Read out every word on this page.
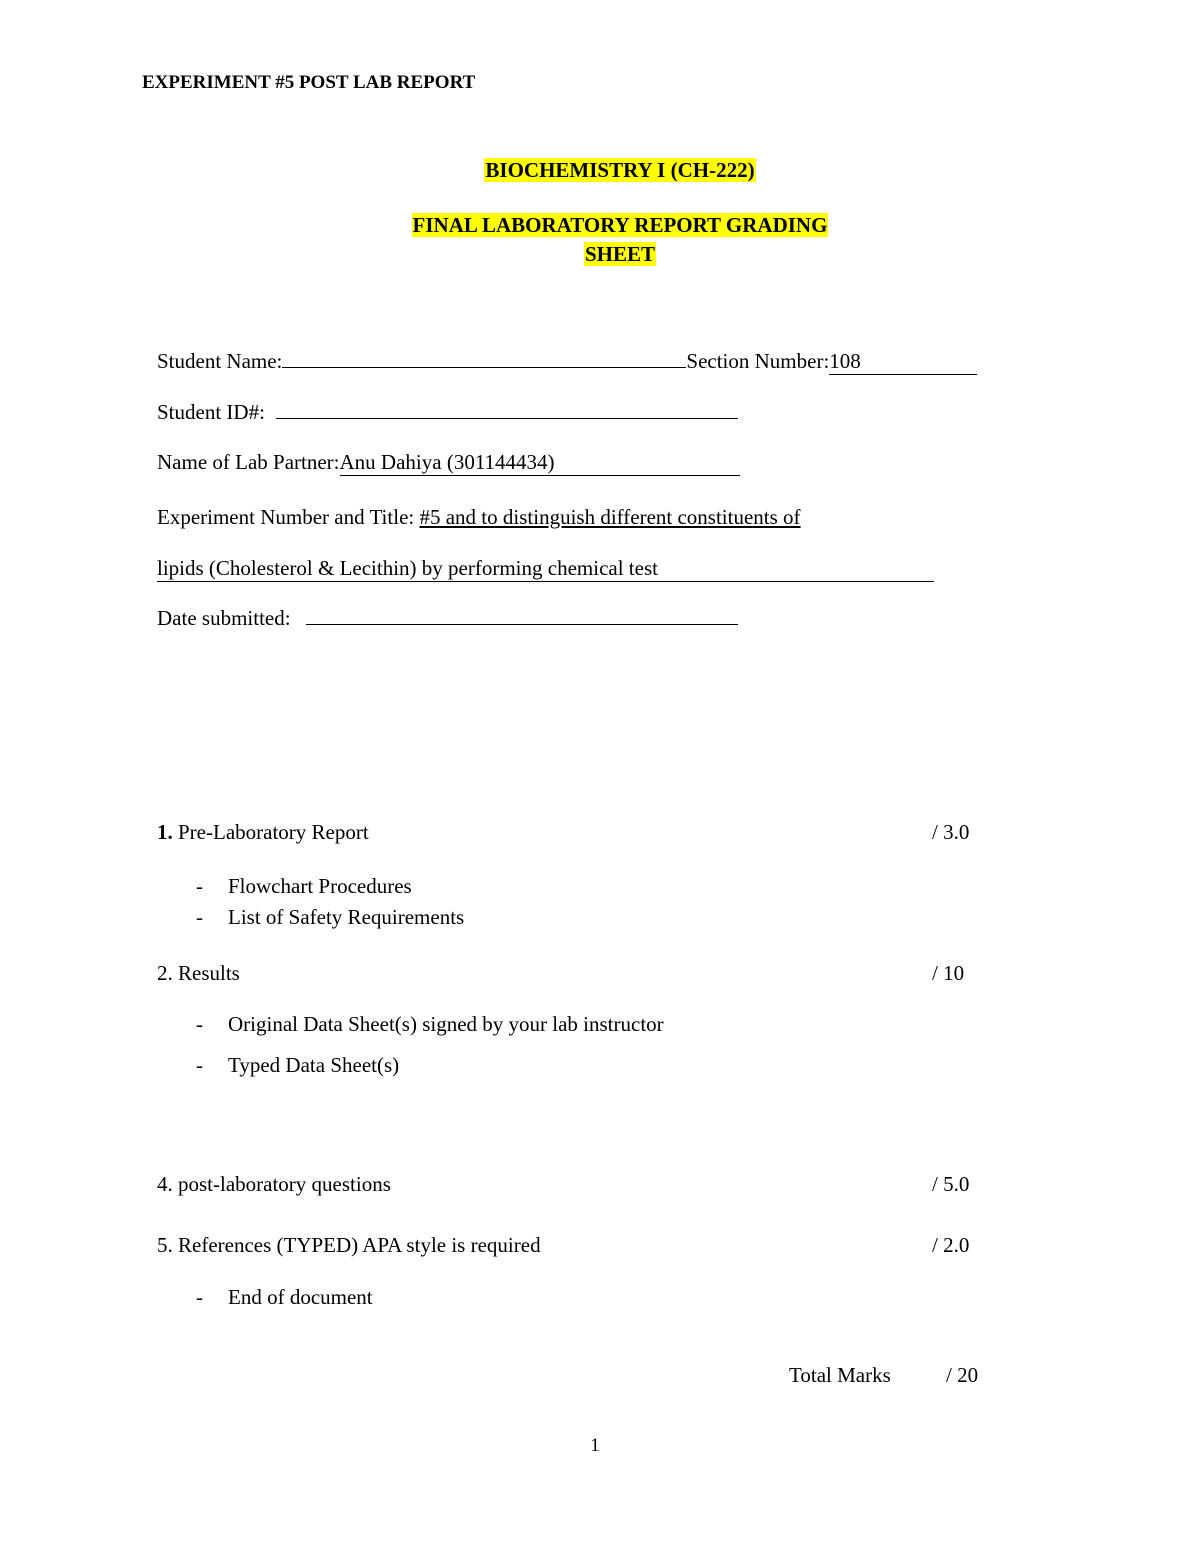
EXPERIMENT #5 POST LAB REPORT
BIOCHEMISTRY I (CH-222)
FINAL LABORATORY REPORT GRADING
SHEET
Student Name:	Section Number:108
Student ID#:
Name of Lab Partner:Anu Dahiya (301144434)
Experiment Number and Title: #5 and to distinguish different constituents of
lipids (Cholesterol & Lecithin) by performing chemical test
Date submitted:
1. Pre-Laboratory Report	/ 3.0
- Flowchart Procedures
- List of Safety Requirements
2. Results	/ 10
- Original Data Sheet(s) signed by your lab instructor
- Typed Data Sheet(s)
4. post-laboratory questions	/ 5.0
5. References (TYPED) APA style is required	/ 2.0
- End of document
Total Marks	/ 20
1
